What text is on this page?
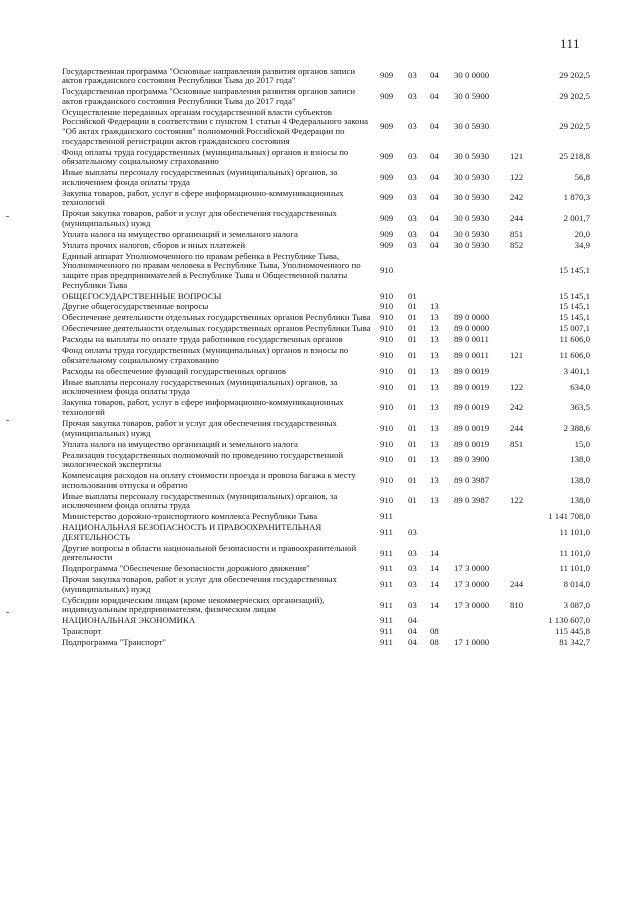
111
Государственная программа "Основные направления развития органов записи актов гражданского состояния Республики Тыва до 2017 года"	909	03	04	30 0 0000		29 202,5
Государственная программа "Основные направления развития органов записи актов гражданского состояния Республики Тыва до 2017 года"	909	03	04	30 0 5900		29 202,5
Осуществление переданных органам государственной власти субъектов Российской Федерации в соответствии с пунктом 1 статьи 4 Федерального закона "Об актах гражданского состояния" полномочий Российской Федерации по государственной регистрации актов гражданского состояния	909	03	04	30 0 5930		29 202,5
Фонд оплаты труда государственных (муниципальных) органов и взносы по обязательному социальному страхованию	909	03	04	30 0 5930	121	25 218,8
Иные выплаты персоналу государственных (муниципальных) органов, за исключением фонда оплаты труда	909	03	04	30 0 5930	122	56,8
Закупка товаров, работ, услуг в сфере информационно-коммуникационных технологий	909	03	04	30 0 5930	242	1 870,3
Прочая закупка товаров, работ и услуг для обеспечения государственных (муниципальных) нужд	909	03	04	30 0 5930	244	2 001,7
Уплата налога на имущество организаций и земельного налога	909	03	04	30 0 5930	851	20,0
Уплата прочих налогов, сборов и иных платежей	909	03	04	30 0 5930	852	34,9
Единый аппарат Уполномоченного по правам ребенка в Республике Тыва, Уполномоченного по правам человека в Республике Тыва, Уполномоченного по защите прав предпринимателей в Республике Тыва и Общественной палаты Республики Тыва	910					15 145,1
ОБЩЕГОСУДАРСТВЕННЫЕ ВОПРОСЫ	910	01				15 145,1
Другие общегосударственные вопросы	910	01	13			15 145,1
Обеспечение деятельности отдельных государственных органов Республики Тыва	910	01	13	89 0 0000		15 145,1
Обеспечение деятельности отдельных государственных органов Республики Тыва	910	01	13	89 0 0000		15 007,1
Расходы на выплаты по оплате труда работников государственных органов	910	01	13	89 0 0011		11 606,0
Фонд оплаты труда государственных (муниципальных) органов и взносы по обязательному социальному страхованию	910	01	13	89 0 0011	121	11 606,0
Расходы на обеспечение функций государственных органов	910	01	13	89 0 0019		3 401,1
Иные выплаты персоналу государственных (муниципальных) органов, за исключением фонда оплаты труда	910	01	13	89 0 0019	122	634,0
Закупка товаров, работ, услуг в сфере информационно-коммуникационных технологий	910	01	13	89 0 0019	242	363,5
Прочая закупка товаров, работ и услуг для обеспечения государственных (муниципальных) нужд	910	01	13	89 0 0019	244	2 388,6
Уплата налога на имущество организаций и земельного налога	910	01	13	89 0 0019	851	15,0
Реализация государственных полномочий по проведению государственной экологической экспертизы	910	01	13	89 0 3900		138,0
Компенсация расходов на оплату стоимости проезда и провоза багажа к месту использования отпуска и обратно	910	01	13	89 0 3987		138,0
Иные выплаты персоналу государственных (муниципальных) органов, за исключением фонда оплаты труда	910	01	13	89 0 3987	122	138,0
Министерство дорожно-транспортного комплекса Республики Тыва	911					1 141 708,0
НАЦИОНАЛЬНАЯ БЕЗОПАСНОСТЬ И ПРАВООХРАНИТЕЛЬНАЯ ДЕЯТЕЛЬНОСТЬ	911	03				11 101,0
Другие вопросы в области национальной безопасности и правоохранительной деятельности	911	03	14			11 101,0
Подпрограмма "Обеспечение безопасности дорожного движения"	911	03	14	17 3 0000		11 101,0
Прочая закупка товаров, работ и услуг для обеспечения государственных (муниципальных) нужд	911	03	14	17 3 0000	244	8 014,0
Субсидии юридическим лицам (кроме некоммерческих организаций), индивидуальным предпринимателям, физическим лицам	911	03	14	17 3 0000	810	3 087,0
НАЦИОНАЛЬНАЯ ЭКОНОМИКА	911	04				1 130 607,0
Транспорт	911	04	08			115 445,8
Подпрограмма "Транспорт"	911	04	08	17 1 0000		81 342,7
